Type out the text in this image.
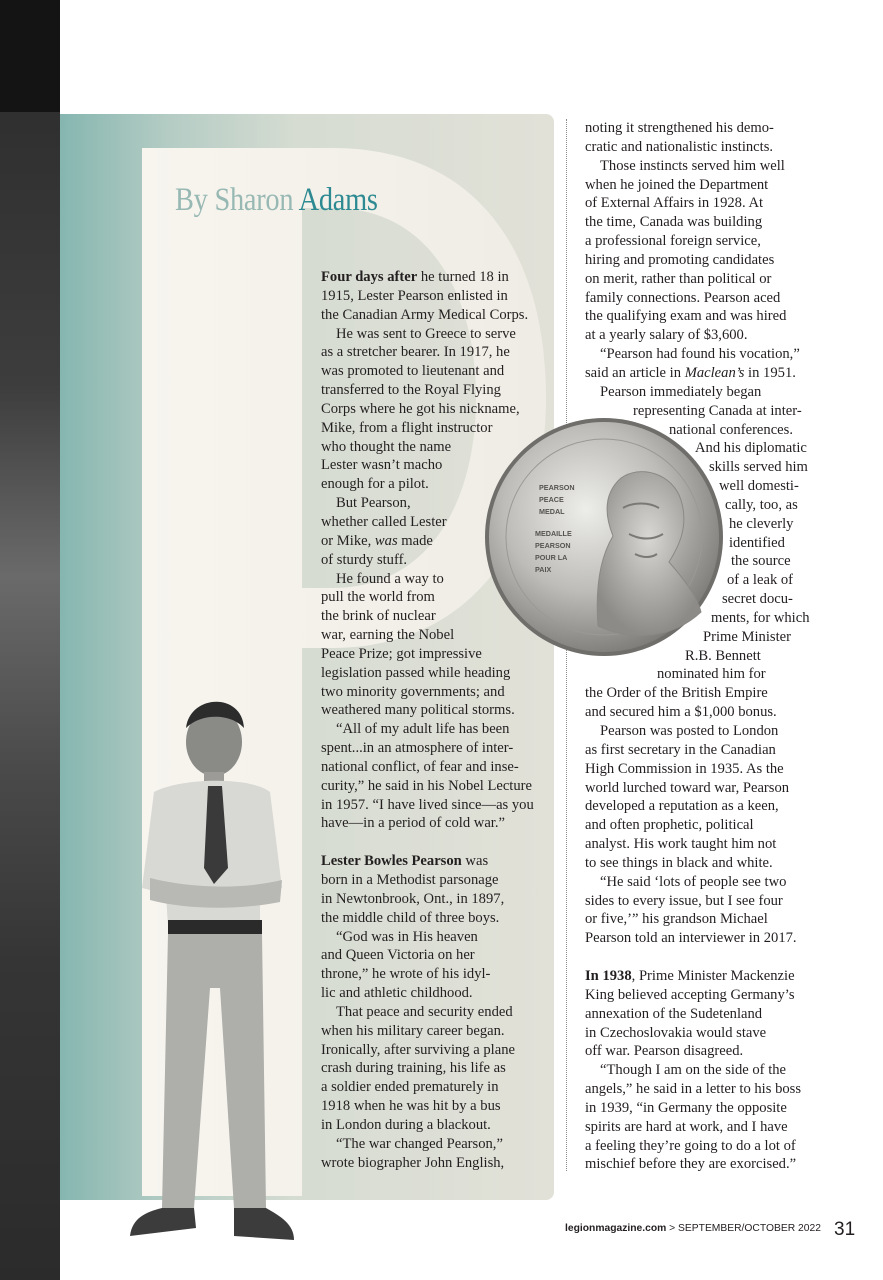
By Sharon Adams
Four days after he turned 18 in
1915, Lester Pearson enlisted in
the Canadian Army Medical Corps.
He was sent to Greece to serve
as a stretcher bearer. In 1917, he
was promoted to lieutenant and
transferred to the Royal Flying
Corps where he got his nickname,
Mike, from a flight instructor
who thought the name
Lester wasn’t macho
enough for a pilot.
But Pearson,
whether called Lester
or Mike, was made
of sturdy stuff.
He found a way to
pull the world from
the brink of nuclear
war, earning the Nobel
Peace Prize; got impressive
legislation passed while heading
two minority governments; and
weathered many political storms.
“All of my adult life has been
spent...in an atmosphere of inter-
national conflict, of fear and inse-
curity,” he said in his Nobel Lecture
in 1957. “I have lived since—as you
have—in a period of cold war.”
Lester Bowles Pearson was
born in a Methodist parsonage
in Newtonbrook, Ont., in 1897,
the middle child of three boys.
“God was in His heaven
and Queen Victoria on her
throne,” he wrote of his idyl-
lic and athletic childhood.
That peace and security ended
when his military career began.
Ironically, after surviving a plane
crash during training, his life as
a soldier ended prematurely in
1918 when he was hit by a bus
in London during a blackout.
“The war changed Pearson,”
wrote biographer John English,
noting it strengthened his demo-
cratic and nationalistic instincts.
Those instincts served him well
when he joined the Department
of External Affairs in 1928. At
the time, Canada was building
a professional foreign service,
hiring and promoting candidates
on merit, rather than political or
family connections. Pearson aced
the qualifying exam and was hired
at a yearly salary of $3,600.
“Pearson had found his vocation,”
said an article in Maclean’s in 1951.
Pearson immediately began
representing Canada at inter-
national conferences.
And his diplomatic
skills served him
well domesti-
cally, too, as
he cleverly
identified
the source
of a leak of
secret docu-
ments, for which
Prime Minister
R.B. Bennett
nominated him for
the Order of the British Empire
and secured him a $1,000 bonus.
Pearson was posted to London
as first secretary in the Canadian
High Commission in 1935. As the
world lurched toward war, Pearson
developed a reputation as a keen,
and often prophetic, political
analyst. His work taught him not
to see things in black and white.
“He said ‘lots of people see two
sides to every issue, but I see four
or five,’” his grandson Michael
Pearson told an interviewer in 2017.
In 1938, Prime Minister Mackenzie
King believed accepting Germany’s
annexation of the Sudetenland
in Czechoslovakia would stave
off war. Pearson disagreed.
“Though I am on the side of the
angels,” he said in a letter to his boss
in 1939, “in Germany the opposite
spirits are hard at work, and I have
a feeling they’re going to do a lot of
mischief before they are exorcised.”
PEARSON
PEACE
MEDAL
MEDAILLE
PEARSON
POUR LA
PAIX
legionmagazine.com > SEPTEMBER/OCTOBER 2022 31
